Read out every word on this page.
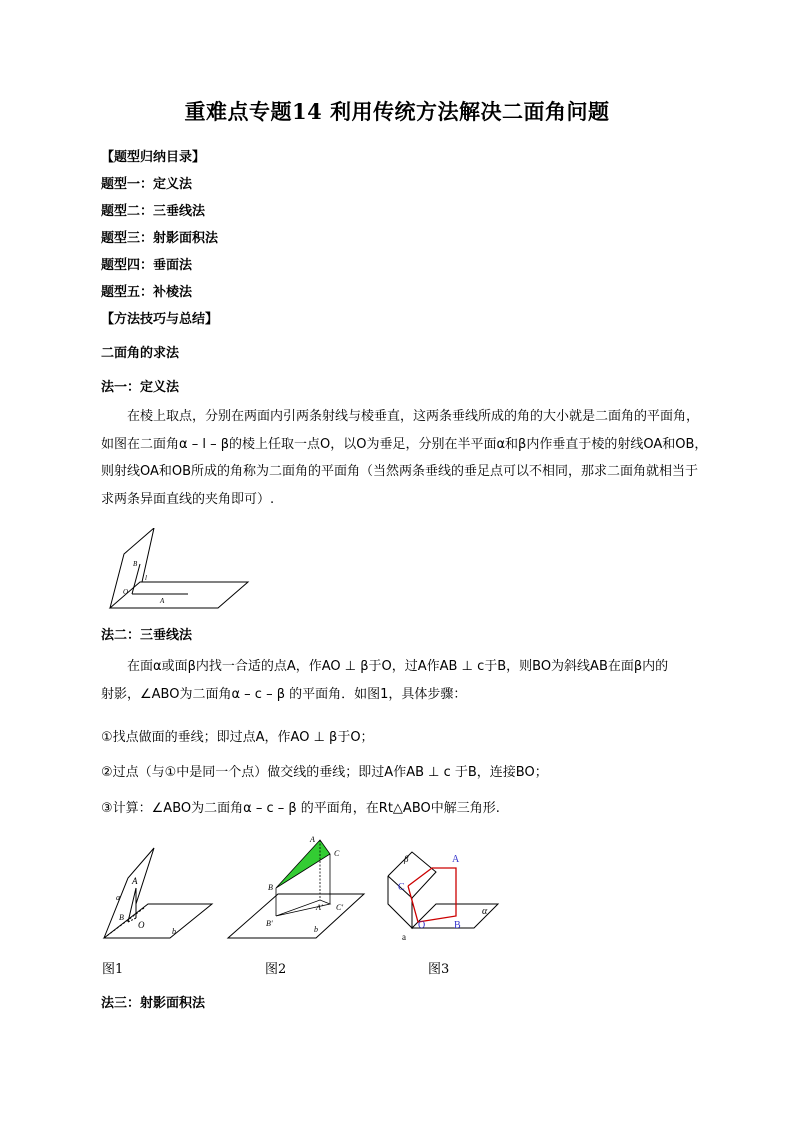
重难点专题14 利用传统方法解决二面角问题
【题型归纳目录】
题型一：定义法
题型二：三垂线法
题型三：射影面积法
题型四：垂面法
题型五：补棱法
【方法技巧与总结】
二面角的求法
法一：定义法
在棱上取点，分别在两面内引两条射线与棱垂直，这两条垂线所成的角的大小就是二面角的平面角，
如图在二面角α – l – β的棱上任取一点O，以O为垂足，分别在半平面α和β内作垂直于棱的射线OA和OB，
则射线OA和OB所成的角称为二面角的平面角（当然两条垂线的垂足点可以不相同，那求二面角就相当于
求两条异面直线的夹角即可）.
B
l
O
A
法二：三垂线法
在面α或面β内找一合适的点A，作AO ⊥ β于O，过A作AB ⊥ c于B，则BO为斜线AB在面β内的
射影，∠ABO为二面角α – c – β 的平面角．如图1，具体步骤：
①找点做面的垂线；即过点A，作AO ⊥ β于O；
②过点（与①中是同一个点）做交线的垂线；即过A作AB ⊥ c 于B，连接BO；
③计算：∠ABO为二面角α – c – β 的平面角，在Rt△ABO中解三角形.
A
a
B
O
b
图1
A
C
B
A' C'
B'
b
图2
β	A
C
O	B
α
a
图3
法三：射影面积法
